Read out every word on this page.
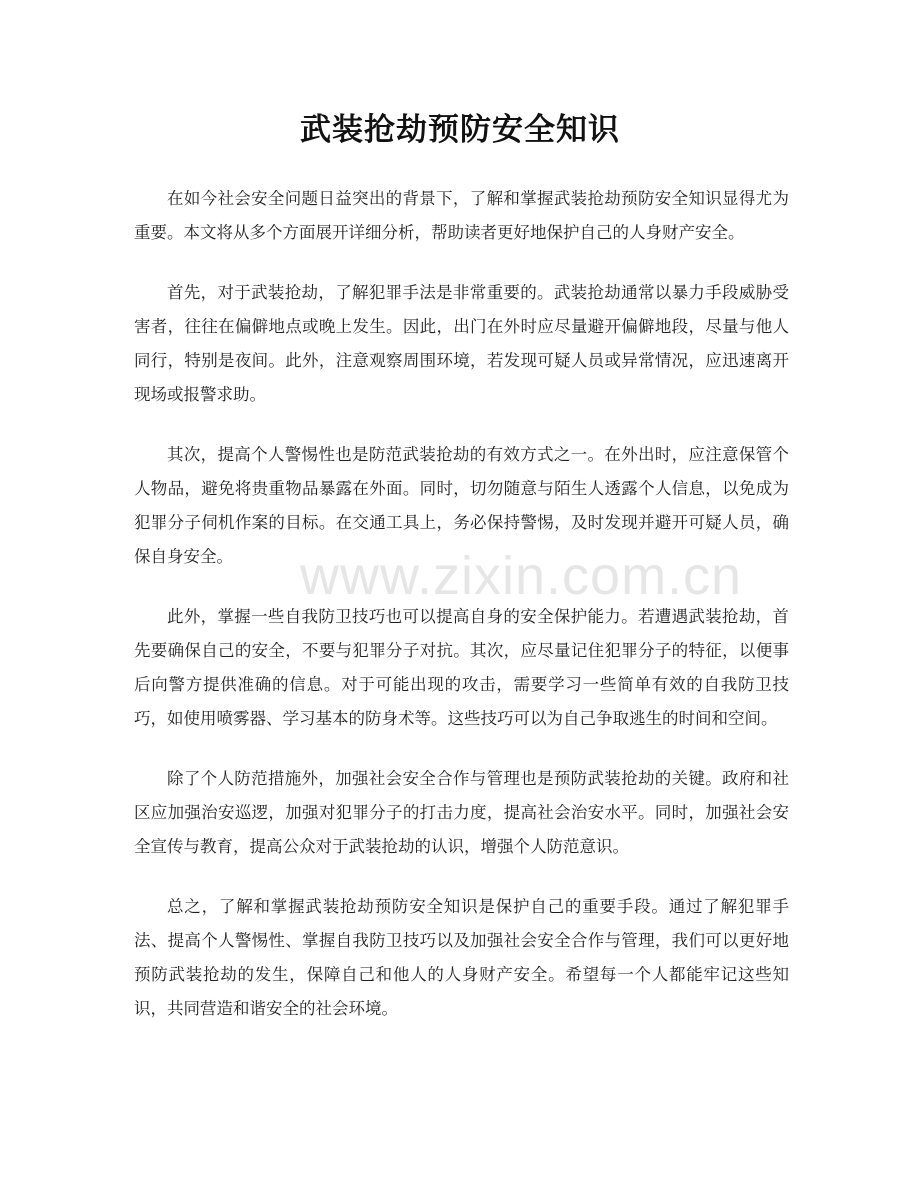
武装抢劫预防安全知识

在如今社会安全问题日益突出的背景下，了解和掌握武装抢劫预防安全知识显得尤为重要。本文将从多个方面展开详细分析，帮助读者更好地保护自己的人身财产安全。

首先，对于武装抢劫，了解犯罪手法是非常重要的。武装抢劫通常以暴力手段威胁受害者，往往在偏僻地点或晚上发生。因此，出门在外时应尽量避开偏僻地段，尽量与他人同行，特别是夜间。此外，注意观察周围环境，若发现可疑人员或异常情况，应迅速离开现场或报警求助。

其次，提高个人警惕性也是防范武装抢劫的有效方式之一。在外出时，应注意保管个人物品，避免将贵重物品暴露在外面。同时，切勿随意与陌生人透露个人信息，以免成为犯罪分子伺机作案的目标。在交通工具上，务必保持警惕，及时发现并避开可疑人员，确保自身安全。

此外，掌握一些自我防卫技巧也可以提高自身的安全保护能力。若遭遇武装抢劫，首先要确保自己的安全，不要与犯罪分子对抗。其次，应尽量记住犯罪分子的特征，以便事后向警方提供准确的信息。对于可能出现的攻击，需要学习一些简单有效的自我防卫技巧，如使用喷雾器、学习基本的防身术等。这些技巧可以为自己争取逃生的时间和空间。

除了个人防范措施外，加强社会安全合作与管理也是预防武装抢劫的关键。政府和社区应加强治安巡逻，加强对犯罪分子的打击力度，提高社会治安水平。同时，加强社会安全宣传与教育，提高公众对于武装抢劫的认识，增强个人防范意识。

总之，了解和掌握武装抢劫预防安全知识是保护自己的重要手段。通过了解犯罪手法、提高个人警惕性、掌握自我防卫技巧以及加强社会安全合作与管理，我们可以更好地预防武装抢劫的发生，保障自己和他人的人身财产安全。希望每一个人都能牢记这些知识，共同营造和谐安全的社会环境。

www.zixin.com.cn
